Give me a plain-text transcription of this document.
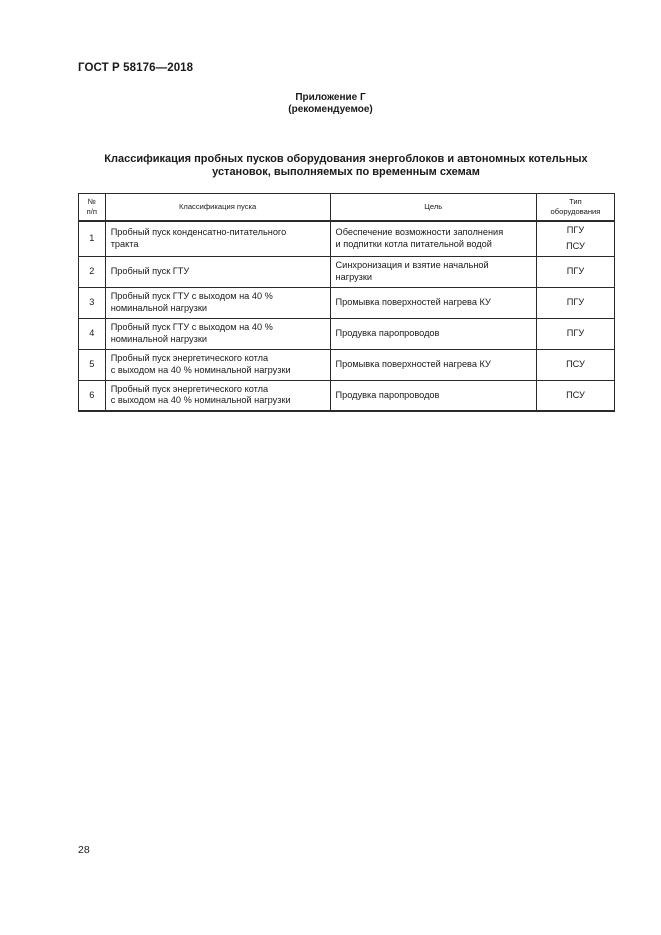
ГОСТ Р 58176—2018
Приложение Г
(рекомендуемое)
Классификация пробных пусков оборудования энергоблоков и автономных котельных
установок, выполняемых по временным схемам
№
п/п	Классификация пуска	Цель	Тип
оборудования

1	Пробный пуск конденсатно-питательного
тракта	Обеспечение возможности заполнения
и подпитки котла питательной водой	ПГУ
ПСУ

2	Пробный пуск ГТУ	Синхронизация и взятие начальной
нагрузки	ПГУ

3	Пробный пуск ГТУ с выходом на 40 %
номинальной нагрузки	Промывка поверхностей нагрева КУ	ПГУ

4	Пробный пуск ГТУ с выходом на 40 %
номинальной нагрузки	Продувка паропроводов	ПГУ

5	Пробный пуск энергетического котла
с выходом на 40 % номинальной нагрузки	Промывка поверхностей нагрева КУ	ПСУ

6	Пробный пуск энергетического котла
с выходом на 40 % номинальной нагрузки	Продувка паропроводов	ПСУ
28
